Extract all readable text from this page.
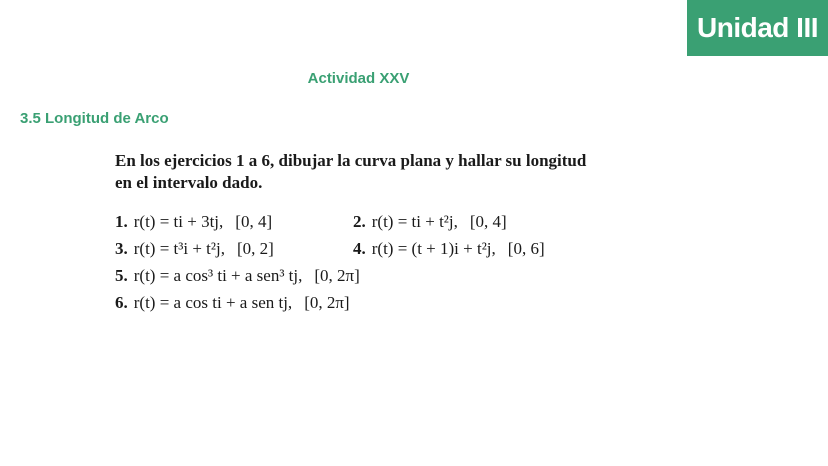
Unidad III
Actividad XXV
3.5 Longitud de Arco

En los ejercicios 1 a 6, dibujar la curva plana y hallar su longitud en el intervalo dado.

1. r(t) = ti + 3tj, [0, 4]	2. r(t) = ti + t²j, [0, 4]
3. r(t) = t³i + t²j, [0, 2]	4. r(t) = (t + 1)i + t²j, [0, 6]
5. r(t) = a cos³ ti + a sen³ tj, [0, 2π]
6. r(t) = a cos ti + a sen tj, [0, 2π]
